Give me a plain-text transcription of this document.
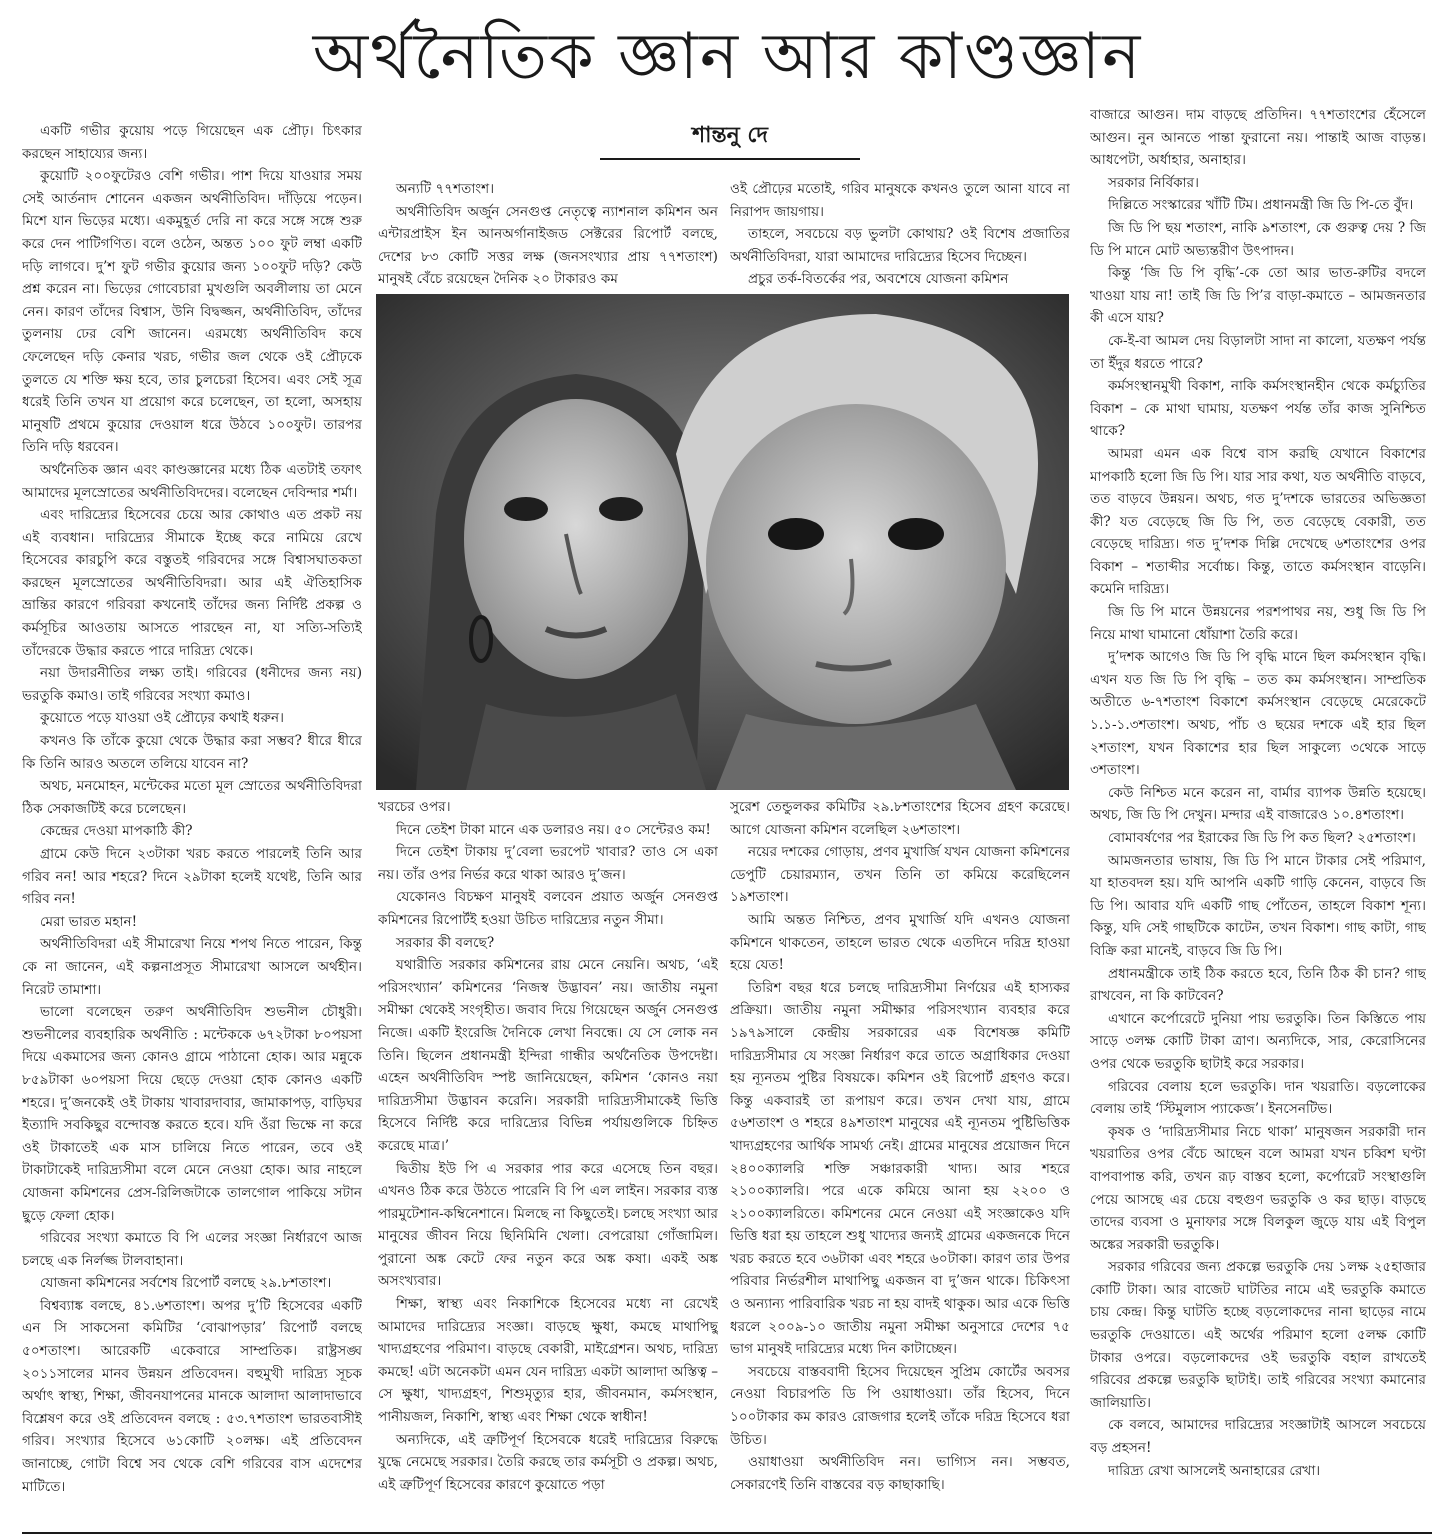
অর্থনৈতিক জ্ঞান আর কাণ্ডজ্ঞান

একটি গভীর কুয়োয় পড়ে গিয়েছেন এক প্রৌঢ়। চিৎকার করছেন সাহায্যের জন্য।

কুয়োটি ২০০ফুটেরও বেশি গভীর। পাশ দিয়ে যাওয়ার সময় সেই আর্তনাদ শোনেন একজন অর্থনীতিবিদ। দাঁড়িয়ে পড়েন। মিশে যান ভিড়ের মধ্যে। একমুহূর্ত দেরি না করে সঙ্গে সঙ্গে শুরু করে দেন পাটিগণিত। বলে ওঠেন, অন্তত ১০০ ফুট লম্বা একটি দড়ি লাগবে। দু’শ ফুট গভীর কুয়োর জন্য ১০০ফুট দড়ি? কেউ প্রশ্ন করেন না। ভিড়ের গোবেচারা মুখগুলি অবলীলায় তা মেনে নেন। কারণ তাঁদের বিশ্বাস, উনি বিদ্বজ্জন, অর্থনীতিবিদ, তাঁদের তুলনায় ঢের বেশি জানেন। এরমধ্যে অর্থনীতিবিদ কষে ফেলেছেন দড়ি কেনার খরচ, গভীর জল থেকে ওই প্রৌঢ়কে তুলতে যে শক্তি ক্ষয় হবে, তার চুলচেরা হিসেব। এবং সেই সূত্র ধরেই তিনি তখন যা প্রয়োগ করে চলেছেন, তা হলো, অসহায় মানুষটি প্রথমে কুয়োর দেওয়াল ধরে উঠবে ১০০ফুট। তারপর তিনি দড়ি ধরবেন।

অর্থনৈতিক জ্ঞান এবং কাণ্ডজ্ঞানের মধ্যে ঠিক এতটাই তফাৎ আমাদের মূলস্রোতের অর্থনীতিবিদদের। বলেছেন দেবিন্দার শর্মা।

এবং দারিদ্র্যের হিসেবের চেয়ে আর কোথাও এত প্রকট নয় এই ব্যবধান। দারিদ্র্যের সীমাকে ইচ্ছে করে নামিয়ে রেখে হিসেবের কারচুপি করে বস্তুতই গরিবদের সঙ্গে বিশ্বাসঘাতকতা করছেন মূলস্রোতের অর্থনীতিবিদরা। আর এই ঐতিহাসিক ভ্রান্তির কারণে গরিবরা কখনোই তাঁদের জন্য নির্দিষ্ট প্রকল্প ও কর্মসূচির আওতায় আসতে পারছেন না, যা সত্যি-সত্যিই তাঁদেরকে উদ্ধার করতে পারে দারিদ্র্য থেকে।

নয়া উদারনীতির লক্ষ্য তাই। গরিবের (ধনীদের জন্য নয়) ভরতুকি কমাও। তাই গরিবের সংখ্যা কমাও।

কুয়োতে পড়ে যাওয়া ওই প্রৌঢ়ের কথাই ধরুন।

কখনও কি তাঁকে কুয়ো থেকে উদ্ধার করা সম্ভব? ধীরে ধীরে কি তিনি আরও অতলে তলিয়ে যাবেন না?

অথচ, মনমোহন, মন্টেকের মতো মূল স্রোতের অর্থনীতিবিদরা ঠিক সেকাজটিই করে চলেছেন।

কেন্দ্রের দেওয়া মাপকাঠি কী?

গ্রামে কেউ দিনে ২৩টাকা খরচ করতে পারলেই তিনি আর গরিব নন! আর শহরে? দিনে ২৯টাকা হলেই যথেষ্ট, তিনি আর গরিব নন!

মেরা ভারত মহান!

অর্থনীতিবিদরা এই সীমারেখা নিয়ে শপথ নিতে পারেন, কিন্তু কে না জানেন, এই কল্পনাপ্রসূত সীমারেখা আসলে অর্থহীন। নিরেট তামাশা।

ভালো বলেছেন তরুণ অর্থনীতিবিদ শুভনীল চৌধুরী। শুভনীলের ব্যবহারিক অর্থনীতি : মন্টেককে ৬৭২টাকা ৮০পয়সা দিয়ে একমাসের জন্য কোনও গ্রামে পাঠানো হোক। আর মন্নুকে ৮৫৯টাকা ৬০পয়সা দিয়ে ছেড়ে দেওয়া হোক কোনও একটি শহরে। দু’জনকেই ওই টাকায় খাবারদাবার, জামাকাপড়, বাড়িঘর ইত্যাদি সবকিছুর বন্দোবস্ত করতে হবে। যদি ওঁরা ভিক্ষে না করে ওই টাকাতেই এক মাস চালিয়ে নিতে পারেন, তবে ওই টাকাটাকেই দারিদ্র্যসীমা বলে মেনে নেওয়া হোক। আর নাহলে যোজনা কমিশনের প্রেস-রিলিজটাকে তালগোল পাকিয়ে সটান ছুড়ে ফেলা হোক।

গরিবের সংখ্যা কমাতে বি পি এলের সংজ্ঞা নির্ধারণে আজ চলছে এক নির্লজ্জ টালবাহানা।

যোজনা কমিশনের সর্বশেষ রিপোর্ট বলছে ২৯.৮শতাংশ।

বিশ্বব্যাঙ্ক বলছে, ৪১.৬শতাংশ। অপর দু’টি হিসেবের একটি এন সি সাকসেনা কমিটির ‘বোঝাপড়ার’ রিপোর্ট বলছে ৫০শতাংশ। আরেকটি একেবারে সাম্প্রতিক। রাষ্ট্রসঙ্ঘ ২০১১সালের মানব উন্নয়ন প্রতিবেদন। বহুমুখী দারিদ্র্য সূচক অর্থাৎ স্বাস্থ্য, শিক্ষা, জীবনযাপনের মানকে আলাদা আলাদাভাবে বিশ্লেষণ করে ওই প্রতিবেদন বলছে : ৫৩.৭শতাংশ ভারতবাসীই গরিব। সংখ্যার হিসেবে ৬১কোটি ২০লক্ষ। এই প্রতিবেদন জানাচ্ছে, গোটা বিশ্বে সব থেকে বেশি গরিবের বাস এদেশের মাটিতে।

শান্তনু দে

অন্যটি ৭৭শতাংশ।

অর্থনীতিবিদ অর্জুন সেনগুপ্ত নেতৃত্বে ন্যাশনাল কমিশন অন এন্টারপ্রাইস ইন আনঅর্গানাইজড সেক্টরের রিপোর্ট বলছে, দেশের ৮৩ কোটি সত্তর লক্ষ (জনসংখ্যার প্রায় ৭৭শতাংশ) মানুষই বেঁচে রয়েছেন দৈনিক ২০ টাকারও কম

ওই প্রৌঢ়ের মতোই, গরিব মানুষকে কখনও তুলে আনা যাবে না নিরাপদ জায়গায়।

তাহলে, সবচেয়ে বড় ভুলটা কোথায়? ওই বিশেষ প্রজাতির অর্থনীতিবিদরা, যারা আমাদের দারিদ্র্যের হিসেব দিচ্ছেন।

প্রচুর তর্ক-বিতর্কের পর, অবশেষে যোজনা কমিশন

খরচের ওপর।

দিনে তেইশ টাকা মানে এক ডলারও নয়। ৫০ সেন্টেরও কম!

দিনে তেইশ টাকায় দু’বেলা ভরপেট খাবার? তাও সে একা নয়। তাঁর ওপর নির্ভর করে থাকা আরও দু’জন।

যেকোনও বিচক্ষণ মানুষই বলবেন প্রয়াত অর্জুন সেনগুপ্ত কমিশনের রিপোর্টই হওয়া উচিত দারিদ্র্যের নতুন সীমা।

সরকার কী বলছে?

যথারীতি সরকার কমিশনের রায় মেনে নেয়নি। অথচ, ‘এই পরিসংখ্যান’ কমিশনের ‘নিজস্ব উদ্ভাবন’ নয়। জাতীয় নমুনা সমীক্ষা থেকেই সংগৃহীত। জবাব দিয়ে গিয়েছেন অর্জুন সেনগুপ্ত নিজে। একটি ইংরেজি দৈনিকে লেখা নিবন্ধে। যে সে লোক নন তিনি। ছিলেন প্রধানমন্ত্রী ইন্দিরা গান্ধীর অর্থনৈতিক উপদেষ্টা। এহেন অর্থনীতিবিদ স্পষ্ট জানিয়েছেন, কমিশন ‘কোনও নয়া দারিদ্র্যসীমা উদ্ভাবন করেনি। সরকারী দারিদ্র্যসীমাকেই ভিত্তি হিসেবে নির্দিষ্ট করে দারিদ্র্যের বিভিন্ন পর্যায়গুলিকে চিহ্নিত করেছে মাত্র।’

দ্বিতীয় ইউ পি এ সরকার পার করে এসেছে তিন বছর। এখনও ঠিক করে উঠতে পারেনি বি পি এল লাইন। সরকার ব্যস্ত পারমুটেশান-কম্বিনেশানে। মিলছে না কিছুতেই। চলছে সংখ্যা আর মানুষের জীবন নিয়ে ছিনিমিনি খেলা। বেপরোয়া গোঁজামিল। পুরানো অঙ্ক কেটে ফের নতুন করে অঙ্ক কষা। একই অঙ্ক অসংখ্যবার।

শিক্ষা, স্বাস্থ্য এবং নিকাশিকে হিসেবের মধ্যে না রেখেই আমাদের দারিদ্র্যের সংজ্ঞা। বাড়ছে ক্ষুধা, কমছে মাথাপিছু খাদ্যগ্রহণের পরিমাণ। বাড়ছে বেকারী, মাইগ্রেশন। অথচ, দারিদ্র্য কমছে! এটা অনেকটা এমন যেন দারিদ্র্য একটা আলাদা অস্তিত্ব – সে ক্ষুধা, খাদ্যগ্রহণ, শিশুমৃত্যুর হার, জীবনমান, কর্মসংস্থান, পানীয়জল, নিকাশি, স্বাস্থ্য এবং শিক্ষা থেকে স্বাধীন!

অন্যদিকে, এই ত্রুটিপূর্ণ হিসেবকে ধরেই দারিদ্র্যের বিরুদ্ধে যুদ্ধে নেমেছে সরকার। তৈরি করছে তার কর্মসূচী ও প্রকল্প। অথচ, এই ত্রুটিপূর্ণ হিসেবের কারণে কুয়োতে পড়া

সুরেশ তেন্ডুলকর কমিটির ২৯.৮শতাংশের হিসেব গ্রহণ করেছে। আগে যোজনা কমিশন বলেছিল ২৬শতাংশ।

নয়ের দশকের গোড়ায়, প্রণব মুখার্জি যখন যোজনা কমিশনের ডেপুটি চেয়ারম্যান, তখন তিনি তা কমিয়ে করেছিলেন ১৯শতাংশ।

আমি অন্তত নিশ্চিত, প্রণব মুখার্জি যদি এখনও যোজনা কমিশনে থাকতেন, তাহলে ভারত থেকে এতদিনে দরিদ্র হাওয়া হয়ে যেত!

তিরিশ বছর ধরে চলছে দারিদ্র্যসীমা নির্ণয়ের এই হাস্যকর প্রক্রিয়া। জাতীয় নমুনা সমীক্ষার পরিসংখ্যান ব্যবহার করে ১৯৭৯সালে কেন্দ্রীয় সরকারের এক বিশেষজ্ঞ কমিটি দারিদ্র্যসীমার যে সংজ্ঞা নির্ধারণ করে তাতে অগ্রাধিকার দেওয়া হয় ন্যূনতম পুষ্টির বিষয়কে। কমিশন ওই রিপোর্ট গ্রহণও করে। কিন্তু একবারই তা রূপায়ণ করে। তখন দেখা যায়, গ্রামে ৫৬শতাংশ ও শহরে ৪৯শতাংশ মানুষের এই ন্যূনতম পুষ্টিভিত্তিক খাদ্যগ্রহণের আর্থিক সামর্থ্য নেই। গ্রামের মানুষের প্রয়োজন দিনে ২৪০০ক্যালরি শক্তি সঞ্চারকারী খাদ্য। আর শহরে ২১০০ক্যালরি। পরে একে কমিয়ে আনা হয় ২২০০ ও ২১০০ক্যালরিতে। কমিশনের মেনে নেওয়া এই সংজ্ঞাকেও যদি ভিত্তি ধরা হয় তাহলে শুধু খাদ্যের জন্যই গ্রামের একজনকে দিনে খরচ করতে হবে ৩৬টাকা এবং শহরে ৬০টাকা। কারণ তার উপর পরিবার নির্ভরশীল মাথাপিছু একজন বা দু’জন থাকে। চিকিৎসা ও অন্যান্য পারিবারিক খরচ না হয় বাদই থাকুক। আর একে ভিত্তি ধরলে ২০০৯-১০ জাতীয় নমুনা সমীক্ষা অনুসারে দেশের ৭৫ ভাগ মানুষই দারিদ্র্যের মধ্যে দিন কাটাচ্ছেন।

সবচেয়ে বাস্তববাদী হিসেব দিয়েছেন সুপ্রিম কোর্টের অবসর নেওয়া বিচারপতি ডি পি ওয়াধাওয়া। তাঁর হিসেব, দিনে ১০০টাকার কম কারও রোজগার হলেই তাঁকে দরিদ্র হিসেবে ধরা উচিত।

ওয়াধাওয়া অর্থনীতিবিদ নন। ভাগ্যিস নন। সম্ভবত, সেকারণেই তিনি বাস্তবের বড় কাছাকাছি।

বাজারে আগুন। দাম বাড়ছে প্রতিদিন। ৭৭শতাংশের হেঁসেলে আগুন। নুন আনতে পান্তা ফুরানো নয়। পান্তাই আজ বাড়ন্ত। আধপেটা, অর্ধাহার, অনাহার।

সরকার নির্বিকার।

দিল্লিতে সংস্কারের খাঁটি টিম। প্রধানমন্ত্রী জি ডি পি-তে বুঁদ।

জি ডি পি ছয় শতাংশ, নাকি ৯শতাংশ, কে গুরুত্ব দেয় ? জি ডি পি মানে মোট অভ্যন্তরীণ উৎপাদন।

কিন্তু ‘জি ডি পি বৃদ্ধি’-কে তো আর ভাত-রুটির বদলে খাওয়া যায় না! তাই জি ডি পি’র বাড়া-কমাতে – আমজনতার কী এসে যায়?

কে-ই-বা আমল দেয় বিড়ালটা সাদা না কালো, যতক্ষণ পর্যন্ত তা ইঁদুর ধরতে পারে?

কর্মসংস্থানমুখী বিকাশ, নাকি কর্মসংস্থানহীন থেকে কর্মচ্যুতির বিকাশ – কে মাথা ঘামায়, যতক্ষণ পর্যন্ত তাঁর কাজ সুনিশ্চিত থাকে?

আমরা এমন এক বিশ্বে বাস করছি যেখানে বিকাশের মাপকাঠি হলো জি ডি পি। যার সার কথা, যত অর্থনীতি বাড়বে, তত বাড়বে উন্নয়ন। অথচ, গত দু’দশকে ভারতের অভিজ্ঞতা কী? যত বেড়েছে জি ডি পি, তত বেড়েছে বেকারী, তত বেড়েছে দারিদ্র্য। গত দু’দশক দিল্লি দেখেছে ৬শতাংশের ওপর বিকাশ – শতাব্দীর সর্বোচ্চ। কিন্তু, তাতে কর্মসংস্থান বাড়েনি। কমেনি দারিদ্র্য।

জি ডি পি মানে উন্নয়নের পরশপাথর নয়, শুধু জি ডি পি নিয়ে মাথা ঘামানো ধোঁয়াশা তৈরি করে।

দু’দশক আগেও জি ডি পি বৃদ্ধি মানে ছিল কর্মসংস্থান বৃদ্ধি। এখন যত জি ডি পি বৃদ্ধি – তত কম কর্মসংস্থান। সাম্প্রতিক অতীতে ৬-৭শতাংশ বিকাশে কর্মসংস্থান বেড়েছে মেরেকেটে ১.১-১.৩শতাংশ। অথচ, পাঁচ ও ছয়ের দশকে এই হার ছিল ২শতাংশ, যখন বিকাশের হার ছিল সাকুল্যে ৩থেকে সাড়ে ৩শতাংশ।

কেউ নিশ্চিত মনে করেন না, বার্মার ব্যাপক উন্নতি হয়েছে। অথচ, জি ডি পি দেখুন। মন্দার এই বাজারেও ১০.৪শতাংশ।

বোমাবর্ষণের পর ইরাকের জি ডি পি কত ছিল? ২৫শতাংশ।

আমজনতার ভাষায়, জি ডি পি মানে টাকার সেই পরিমাণ, যা হাতবদল হয়। যদি আপনি একটি গাড়ি কেনেন, বাড়বে জি ডি পি। আবার যদি একটি গাছ পোঁতেন, তাহলে বিকাশ শূন্য। কিন্তু, যদি সেই গাছটিকে কাটেন, তখন বিকাশ। গাছ কাটা, গাছ বিক্রি করা মানেই, বাড়বে জি ডি পি।

প্রধানমন্ত্রীকে তাই ঠিক করতে হবে, তিনি ঠিক কী চান? গাছ রাখবেন, না কি কাটবেন?

এখানে কর্পোরেটে দুনিয়া পায় ভরতুকি। তিন কিস্তিতে পায় সাড়ে ৩লক্ষ কোটি টাকা ত্রাণ। অন্যদিকে, সার, কেরোসিনের ওপর থেকে ভরতুকি ছাটাই করে সরকার।

গরিবের বেলায় হলে ভরতুকি। দান খয়রাতি। বড়লোকের বেলায় তাই ‘স্টিমুলাস প্যাকেজ’। ইনসেনটিভ।

কৃষক ও ‘দারিদ্র্যসীমার নিচে থাকা’ মানুষজন সরকারী দান খয়রাতির ওপর বেঁচে আছেন বলে আমরা যখন চব্বিশ ঘণ্টা বাপবাপান্ত করি, তখন রূঢ় বাস্তব হলো, কর্পোরেট সংস্থাগুলি পেয়ে আসছে এর চেয়ে বহুগুণ ভরতুকি ও কর ছাড়। বাড়ছে তাদের ব্যবসা ও মুনাফার সঙ্গে বিলকুল জুড়ে যায় এই বিপুল অঙ্কের সরকারী ভরতুকি।

সরকার গরিবের জন্য প্রকল্পে ভরতুকি দেয় ১লক্ষ ২৫হাজার কোটি টাকা। আর বাজেট ঘাটতির নামে এই ভরতুকি কমাতে চায় কেন্দ্র। কিন্তু ঘাটতি হচ্ছে বড়লোকদের নানা ছাড়ের নামে ভরতুকি দেওয়াতে। এই অর্থের পরিমাণ হলো ৫লক্ষ কোটি টাকার ওপরে। বড়লোকদের ওই ভরতুকি বহাল রাখতেই গরিবের প্রকল্পে ভরতুকি ছাটাই। তাই গরিবের সংখ্যা কমানোর জালিয়াতি।

কে বলবে, আমাদের দারিদ্র্যের সংজ্ঞাটাই আসলে সবচেয়ে বড় প্রহসন!

দারিদ্র্য রেখা আসলেই অনাহারের রেখা।
